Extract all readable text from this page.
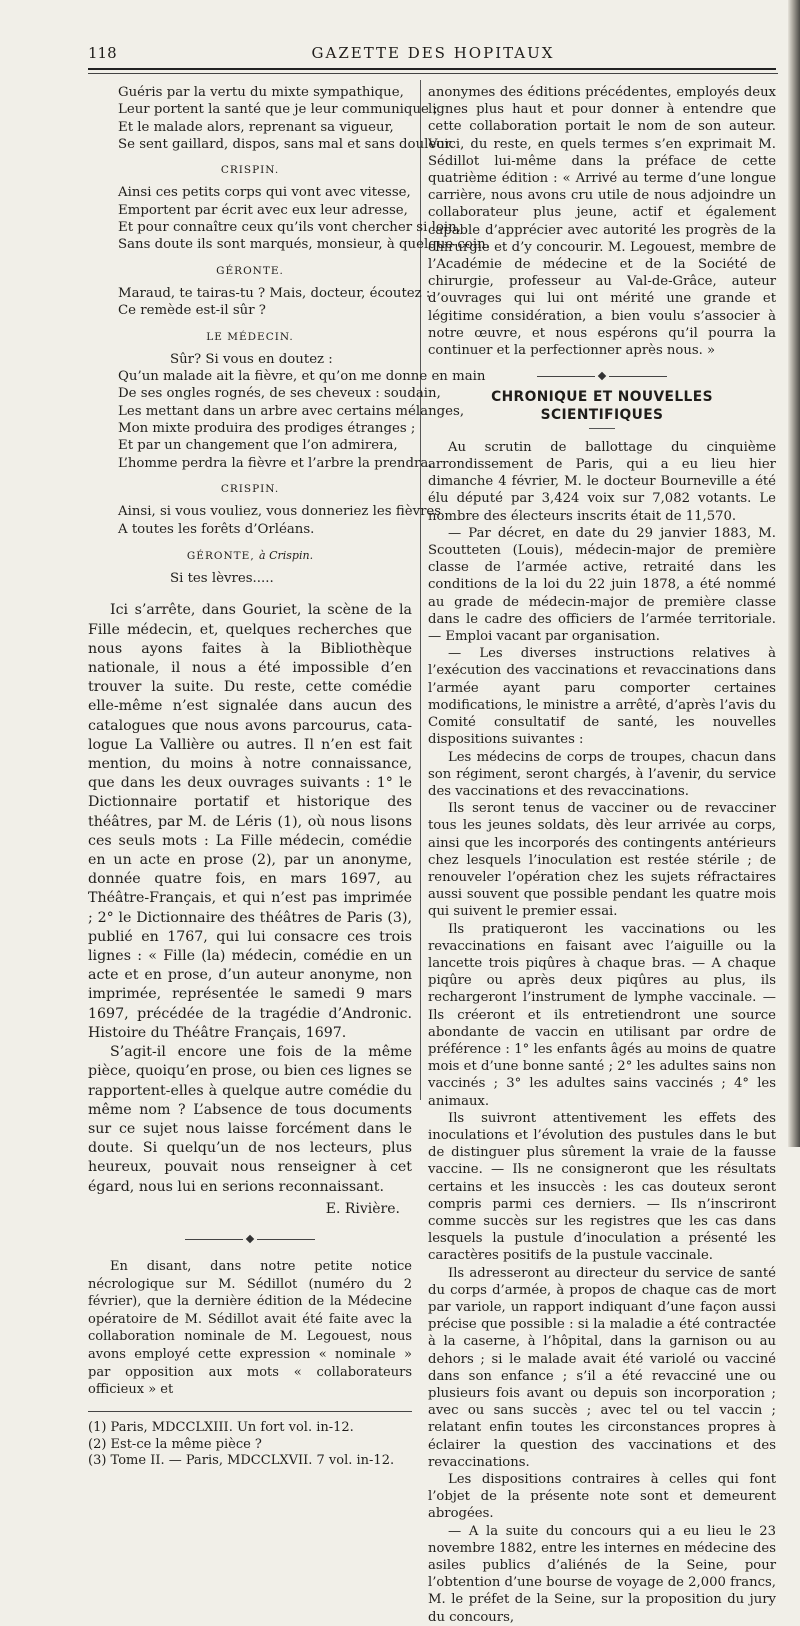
118	GAZETTE DES HOPITAUX
Guéris par la vertu du mixte sympathique,
Leur portent la santé que je leur communique ;
Et le malade alors, reprenant sa vigueur,
Se sent gaillard, dispos, sans mal et sans douleur.
CRISPIN.
Ainsi ces petits corps qui vont avec vitesse,
Emportent par écrit avec eux leur adresse,
Et pour connaître ceux qu’ils vont chercher si loin,
Sans doute ils sont marqués, monsieur, à quelque coin.
GÉRONTE.
Maraud, te tairas-tu ? Mais, docteur, écoutez :
Ce remède est-il sûr ?
LE MÉDECIN.
Sûr? Si vous en doutez :
Qu’un malade ait la fièvre, et qu’on me donne en main
De ses ongles rognés, de ses cheveux : soudain,
Les mettant dans un arbre avec certains mélanges,
Mon mixte produira des prodiges étranges ;
Et par un changement que l’on admirera,
L’homme perdra la fièvre et l’arbre la prendra.
CRISPIN.
Ainsi, si vous vouliez, vous donneriez les fièvres
A toutes les forêts d’Orléans.
GÉRONTE, à Crispin.
Si tes lèvres.....

Ici s’arrête, dans Gouriet, la scène de la Fille médecin, et, quelques recherches que nous ayons faites à la Bibliothèque nationale, il nous a été impossible d’en trouver la suite. Du reste, cette comédie elle-même n’est signalée dans aucun des catalogues que nous avons parcourus, catalogue La Vallière ou autres. Il n’en est fait mention, du moins à notre connaissance, que dans les deux ouvrages suivants : 1° le Dictionnaire portatif et historique des théâtres, par M. de Léris (1), où nous lisons ces seuls mots : La Fille médecin, comédie en un acte en prose (2), par un anonyme, donnée quatre fois, en mars 1697, au Théâtre-Français, et qui n’est pas imprimée ; 2° le Dictionnaire des théâtres de Paris (3), publié en 1767, qui lui consacre ces trois lignes : « Fille (la) médecin, comédie en un acte et en prose, d’un auteur anonyme, non imprimée, représentée le samedi 9 mars 1697, précédée de la tragédie d’Andronic. Histoire du Théâtre Français, 1697.

S’agit-il encore une fois de la même pièce, quoiqu’en prose, ou bien ces lignes se rapportent-elles à quelque autre comédie du même nom ? L’absence de tous documents sur ce sujet nous laisse forcément dans le doute. Si quelqu’un de nos lecteurs, plus heureux, pouvait nous renseigner à cet égard, nous lui en serions reconnaissant.

E. Rivière.

En disant, dans notre petite notice nécrologique sur M. Sédillot (numéro du 2 février), que la dernière édition de la Médecine opératoire de M. Sédillot avait été faite avec la collaboration nominale de M. Legouest, nous avons employé cette expression « nominale » par opposition aux mots « collaborateurs officieux » et

(1) Paris, MDCCLXIII. Un fort vol. in-12.
(2) Est-ce la même pièce ?
(3) Tome II. — Paris, MDCCLXVII. 7 vol. in-12.

anonymes des éditions précédentes, employés deux lignes plus haut et pour donner à entendre que cette collaboration portait le nom de son auteur. Voici, du reste, en quels termes s’en exprimait M. Sédillot lui-même dans la préface de cette quatrième édition : « Arrivé au terme d’une longue carrière, nous avons cru utile de nous adjoindre un collaborateur plus jeune, actif et également capable d’apprécier avec autorité les progrès de la chirurgie et d’y concourir. M. Legouest, membre de l’Académie de médecine et de la Société de chirurgie, professeur au Val-de-Grâce, auteur d’ouvrages qui lui ont mérité une grande et légitime considération, a bien voulu s’associer à notre œuvre, et nous espérons qu’il pourra la continuer et la perfectionner après nous. »

CHRONIQUE ET NOUVELLES SCIENTIFIQUES

Au scrutin de ballottage du cinquième arrondissement de Paris, qui a eu lieu hier dimanche 4 février, M. le docteur Bourneville a été élu député par 3,424 voix sur 7,082 votants. Le nombre des électeurs inscrits était de 11,570.

— Par décret, en date du 29 janvier 1883, M. Scoutteten (Louis), médecin-major de première classe de l’armée active, retraité dans les conditions de la loi du 22 juin 1878, a été nommé au grade de médecin-major de première classe dans le cadre des officiers de l’armée territoriale. — Emploi vacant par organisation.

— Les diverses instructions relatives à l’exécution des vaccinations et revaccinations dans l’armée ayant paru comporter certaines modifications, le ministre a arrêté, d’après l’avis du Comité consultatif de santé, les nouvelles dispositions suivantes :

Les médecins de corps de troupes, chacun dans son régiment, seront chargés, à l’avenir, du service des vaccinations et des revaccinations.

Ils seront tenus de vacciner ou de revacciner tous les jeunes soldats, dès leur arrivée au corps, ainsi que les incorporés des contingents antérieurs chez lesquels l’inoculation est restée stérile ; de renouveler l’opération chez les sujets réfractaires aussi souvent que possible pendant les quatre mois qui suivent le premier essai.

Ils pratiqueront les vaccinations ou les revaccinations en faisant avec l’aiguille ou la lancette trois piqûres à chaque bras. — A chaque piqûre ou après deux piqûres au plus, ils rechargeront l’instrument de lymphe vaccinale. — Ils créeront et ils entretiendront une source abondante de vaccin en utilisant par ordre de préférence : 1° les enfants âgés au moins de quatre mois et d’une bonne santé ; 2° les adultes sains non vaccinés ; 3° les adultes sains vaccinés ; 4° les animaux.

Ils suivront attentivement les effets des inoculations et l’évolution des pustules dans le but de distinguer plus sûrement la vraie de la fausse vaccine. — Ils ne consigneront que les résultats certains et les insuccès : les cas douteux seront compris parmi ces derniers. — Ils n’inscriront comme succès sur les registres que les cas dans lesquels la pustule d’inoculation a présenté les caractères positifs de la pustule vaccinale.

Ils adresseront au directeur du service de santé du corps d’armée, à propos de chaque cas de mort par variole, un rapport indiquant d’une façon aussi précise que possible : si la maladie a été contractée à la caserne, à l’hôpital, dans la garnison ou au dehors ; si le malade avait été variolé ou vacciné dans son enfance ; s’il a été revacciné une ou plusieurs fois avant ou depuis son incorporation ; avec ou sans succès ; avec tel ou tel vaccin ; relatant enfin toutes les circonstances propres à éclairer la question des vaccinations et des revaccinations.

Les dispositions contraires à celles qui font l’objet de la présente note sont et demeurent abrogées.

— A la suite du concours qui a eu lieu le 23 novembre 1882, entre les internes en médecine des asiles publics d’aliénés de la Seine, pour l’obtention d’une bourse de voyage de 2,000 francs, M. le préfet de la Seine, sur la proposition du jury du concours,
